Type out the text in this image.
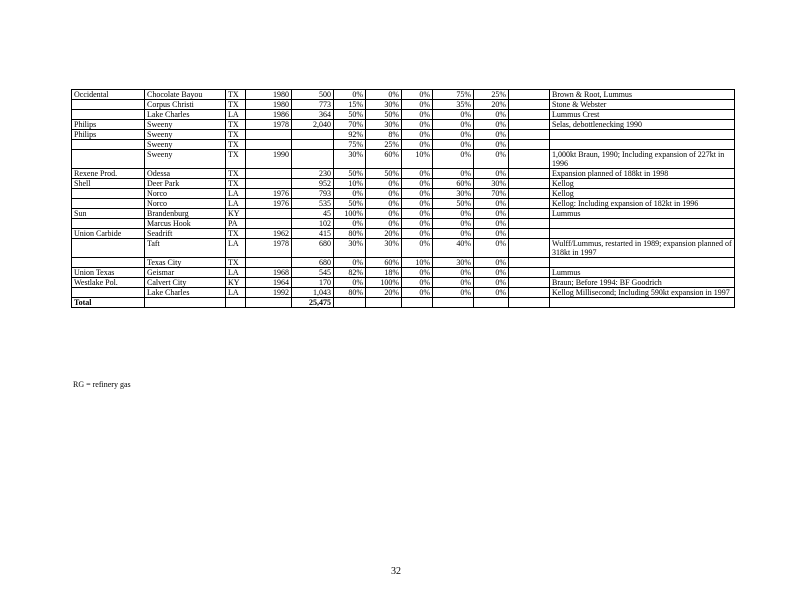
Occidental	Chocolate Bayou	TX	1980	500	0%	0%	0%	75%	25%		Brown & Root, Lummus
	Corpus Christi	TX	1980	773	15%	30%	0%	35%	20%		Stone & Webster
	Lake Charles	LA	1986	364	50%	50%	0%	0%	0%		Lummus Crest
Philips	Sweeny	TX	1978	2,040	70%	30%	0%	0%	0%		Selas, debottlenecking 1990
Philips	Sweeny	TX			92%	8%	0%	0%	0%		
	Sweeny	TX			75%	25%	0%	0%	0%		
	Sweeny	TX	1990		30%	60%	10%	0%	0%		1,000kt Braun, 1990; Including expansion of 227kt in 1996
Rexene Prod.	Odessa	TX		230	50%	50%	0%	0%	0%		Expansion planned of 188kt in 1998
Shell	Deer Park	TX		952	10%	0%	0%	60%	30%		Kellog
	Norco	LA	1976	793	0%	0%	0%	30%	70%		Kellog
	Norco	LA	1976	535	50%	0%	0%	50%	0%		Kellog: Including expansion of 182kt in 1996
Sun	Brandenburg	KY		45	100%	0%	0%	0%	0%		Lummus
	Marcus Hook	PA		102	0%	0%	0%	0%	0%		
Union Carbide	Seadrift	TX	1962	415	80%	20%	0%	0%	0%		
	Taft	LA	1978	680	30%	30%	0%	40%	0%		Wulff/Lummus, restarted in 1989; expansion planned of 318kt in 1997
	Texas City	TX		680	0%	60%	10%	30%	0%		
Union Texas	Geismar	LA	1968	545	82%	18%	0%	0%	0%		Lummus
Westlake Pol.	Calvert City	KY	1964	170	0%	100%	0%	0%	0%		Braun; Before 1994: BF Goodrich
	Lake Charles	LA	1992	1,043	80%	20%	0%	0%	0%		Kellog Millisecond; Including 590kt expansion in 1997
Total				25,475							
RG = refinery gas
32
